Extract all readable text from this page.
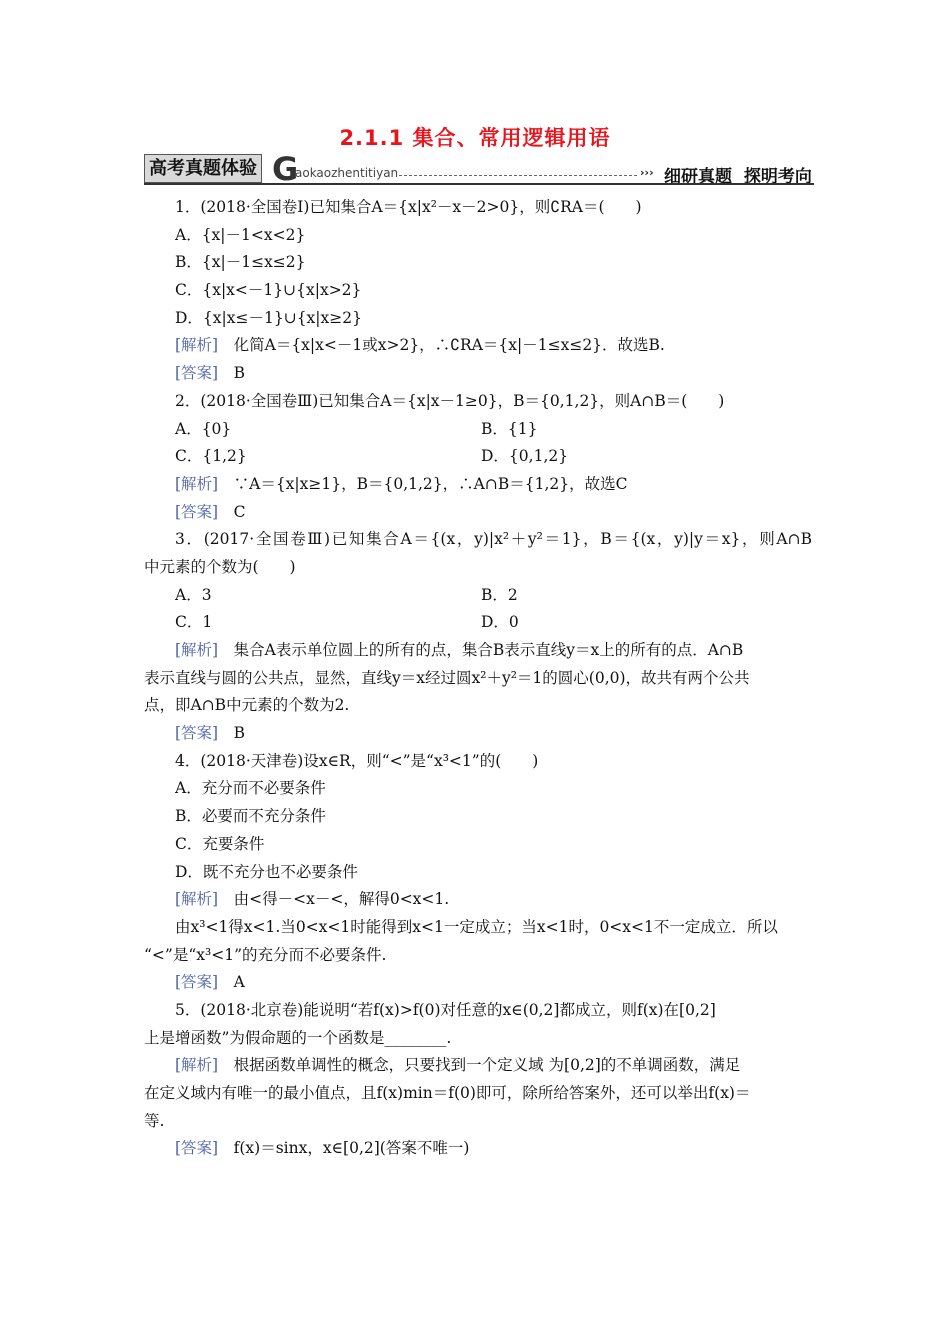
2.1.1 集合、常用逻辑用语
高考真题体验 G
aokaozhentitiyan	››› 细研真题  探明考向
1．(2018·全国卷Ⅰ)已知集合A＝{x|x²－x－2>0}，则∁RA＝(　　)
A．{x|－1<x<2}
B．{x|－1≤x≤2}
C．{x|x<－1}∪{x|x>2}
D．{x|x≤－1}∪{x|x≥2}
[解析]　 化简A＝{x|x<－1或x>2}，∴∁RA＝{x|－1≤x≤2}．故选B.
[答案]　 B
2．(2018·全国卷Ⅲ)已知集合A＝{x|x－1≥0}，B＝{0,1,2}，则A∩B＝(　　)
A．{0}	B．{1}
C．{1,2}	D．{0,1,2}
[解析]　 ∵A＝{x|x≥1}，B＝{0,1,2}，∴A∩B＝{1,2}，故选C
[答案]　 C
3．(2017·全国卷Ⅲ)已知集合A＝{(x，y)|x²＋y²＝1}，B＝{(x，y)|y＝x}，则A∩B
中元素的个数为(　　)
A．3	B．2
C．1	D．0
[解析]　 集合A表示单位圆上的所有的点，集合B表示直线y＝x上的所有的点．A∩B
表示直线与圆的公共点，显然，直线y＝x经过圆x²＋y²＝1的圆心(0,0)，故共有两个公共
点，即A∩B中元素的个数为2.
[答案]　 B
4．(2018·天津卷)设x∈R，则“<”是“x³<1”的(　　)
A．充分而不必要条件
B．必要而不充分条件
C．充要条件
D．既不充分也不必要条件
[解析]　 由<得－<x－<，解得0<x<1.
由x³<1得x<1.当0<x<1时能得到x<1一定成立；当x<1时，0<x<1不一定成立．所以
“<”是“x³<1”的充分而不必要条件.
[答案]　 A
5．(2018·北京卷)能说明“若f(x)>f(0)对任意的x∈(0,2]都成立，则f(x)在[0,2]
上是增函数”为假命题的一个函数是________.
[解析]　 根据函数单调性的概念，只要找到一个定义域 为[0,2]的不单调函数，满足
在定义域内有唯一的最小值点，且f(x)min＝f(0)即可，除所给答案外，还可以举出f(x)＝
等.
[答案]　 f(x)＝sinx，x∈[0,2](答案不唯一)
